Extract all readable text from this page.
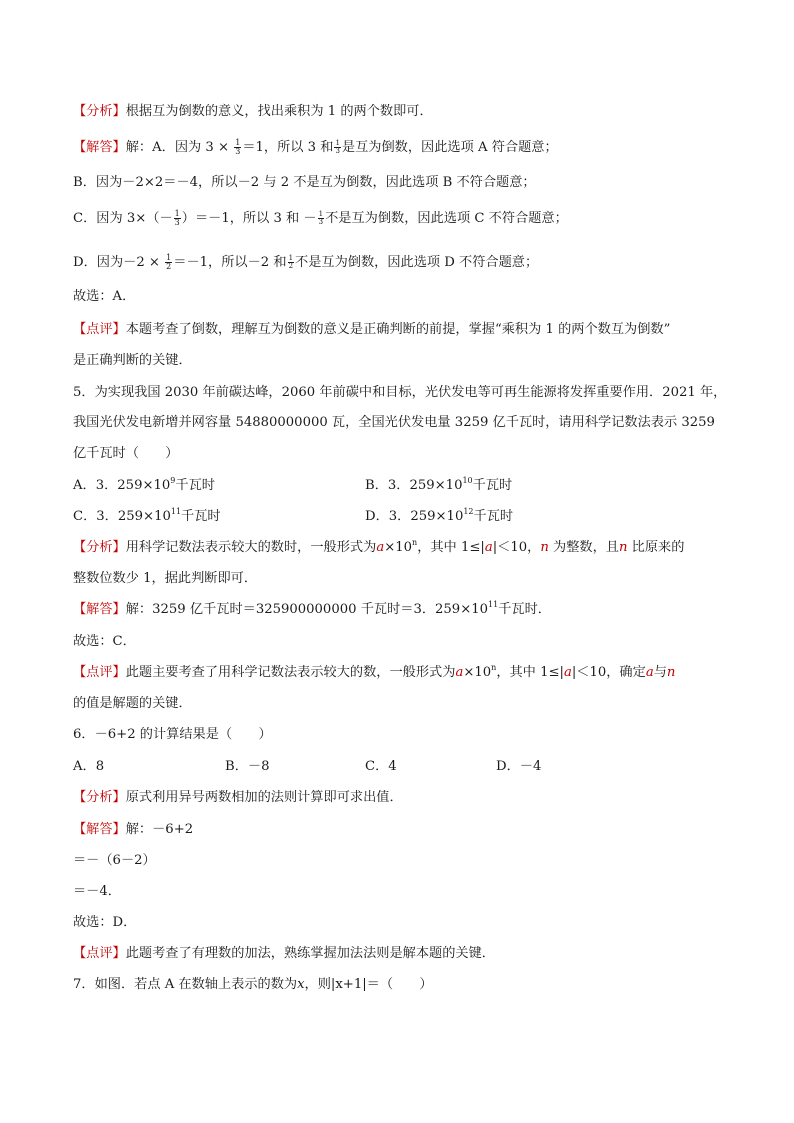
【分析】根据互为倒数的意义，找出乘积为 1 的两个数即可．
【解答】解：A．因为 $3 \times \frac{1}{3} =1$，所以 3 和 $\frac{1}{3}$ 是互为倒数，因此选项 A 符合题意；
B．因为－2×2＝－4，所以－2 与 2 不是互为倒数，因此选项 B 不符合题意；
C．因为 $3\times(- \frac{1}{3} )=-1$，所以 3 和 － $\frac{1}{3}$ 不是互为倒数，因此选项 C 不符合题意；
D．因为$-2 \times \frac{1}{2} =-1$，所以－2 和 $\frac{1}{2}$ 不是互为倒数，因此选项 D 不符合题意；
故选：A．
【点评】本题考查了倒数，理解互为倒数的意义是正确判断的前提，掌握“乘积为 1 的两个数互为倒数”
是正确判断的关键．
5．为实现我国 2030 年前碳达峰，2060 年前碳中和目标，光伏发电等可再生能源将发挥重要作用．2021 年，
我国光伏发电新增并网容量 54880000000 瓦，全国光伏发电量 3259 亿千瓦时，请用科学记数法表示 3259
亿千瓦时（　　）
A．3．$259\times 10^9$千瓦时	B．3．$259\times 10^{10}$千瓦时
C．3．$259\times 10^{11}$千瓦时	D．3．$259\times 10^{12}$千瓦时
【分析】用科学记数法表示较大的数时，一般形式为$a\times 10^n$，其中 1≤|a|＜10，n 为整数，且n 比原来的
整数位数少 1，据此判断即可．
【解答】解：3259 亿千瓦时＝325900000000 千瓦时＝3．$259\times 10^{11}$千瓦时．
故选：C．
【点评】此题主要考查了用科学记数法表示较大的数，一般形式为$a\times 10^n$，其中 1≤|a|＜10，确定a与n
的值是解题的关键．
6．－6+2 的计算结果是（　　）
A．8	B．－8	C．4	D．－4
【分析】原式利用异号两数相加的法则计算即可求出值．
【解答】解：－6+2
＝－（6－2）
＝－4．
故选：D．
【点评】此题考查了有理数的加法，熟练掌握加法法则是解本题的关键．
7．如图．若点 A 在数轴上表示的数为x，则|x+1|＝（　　）
